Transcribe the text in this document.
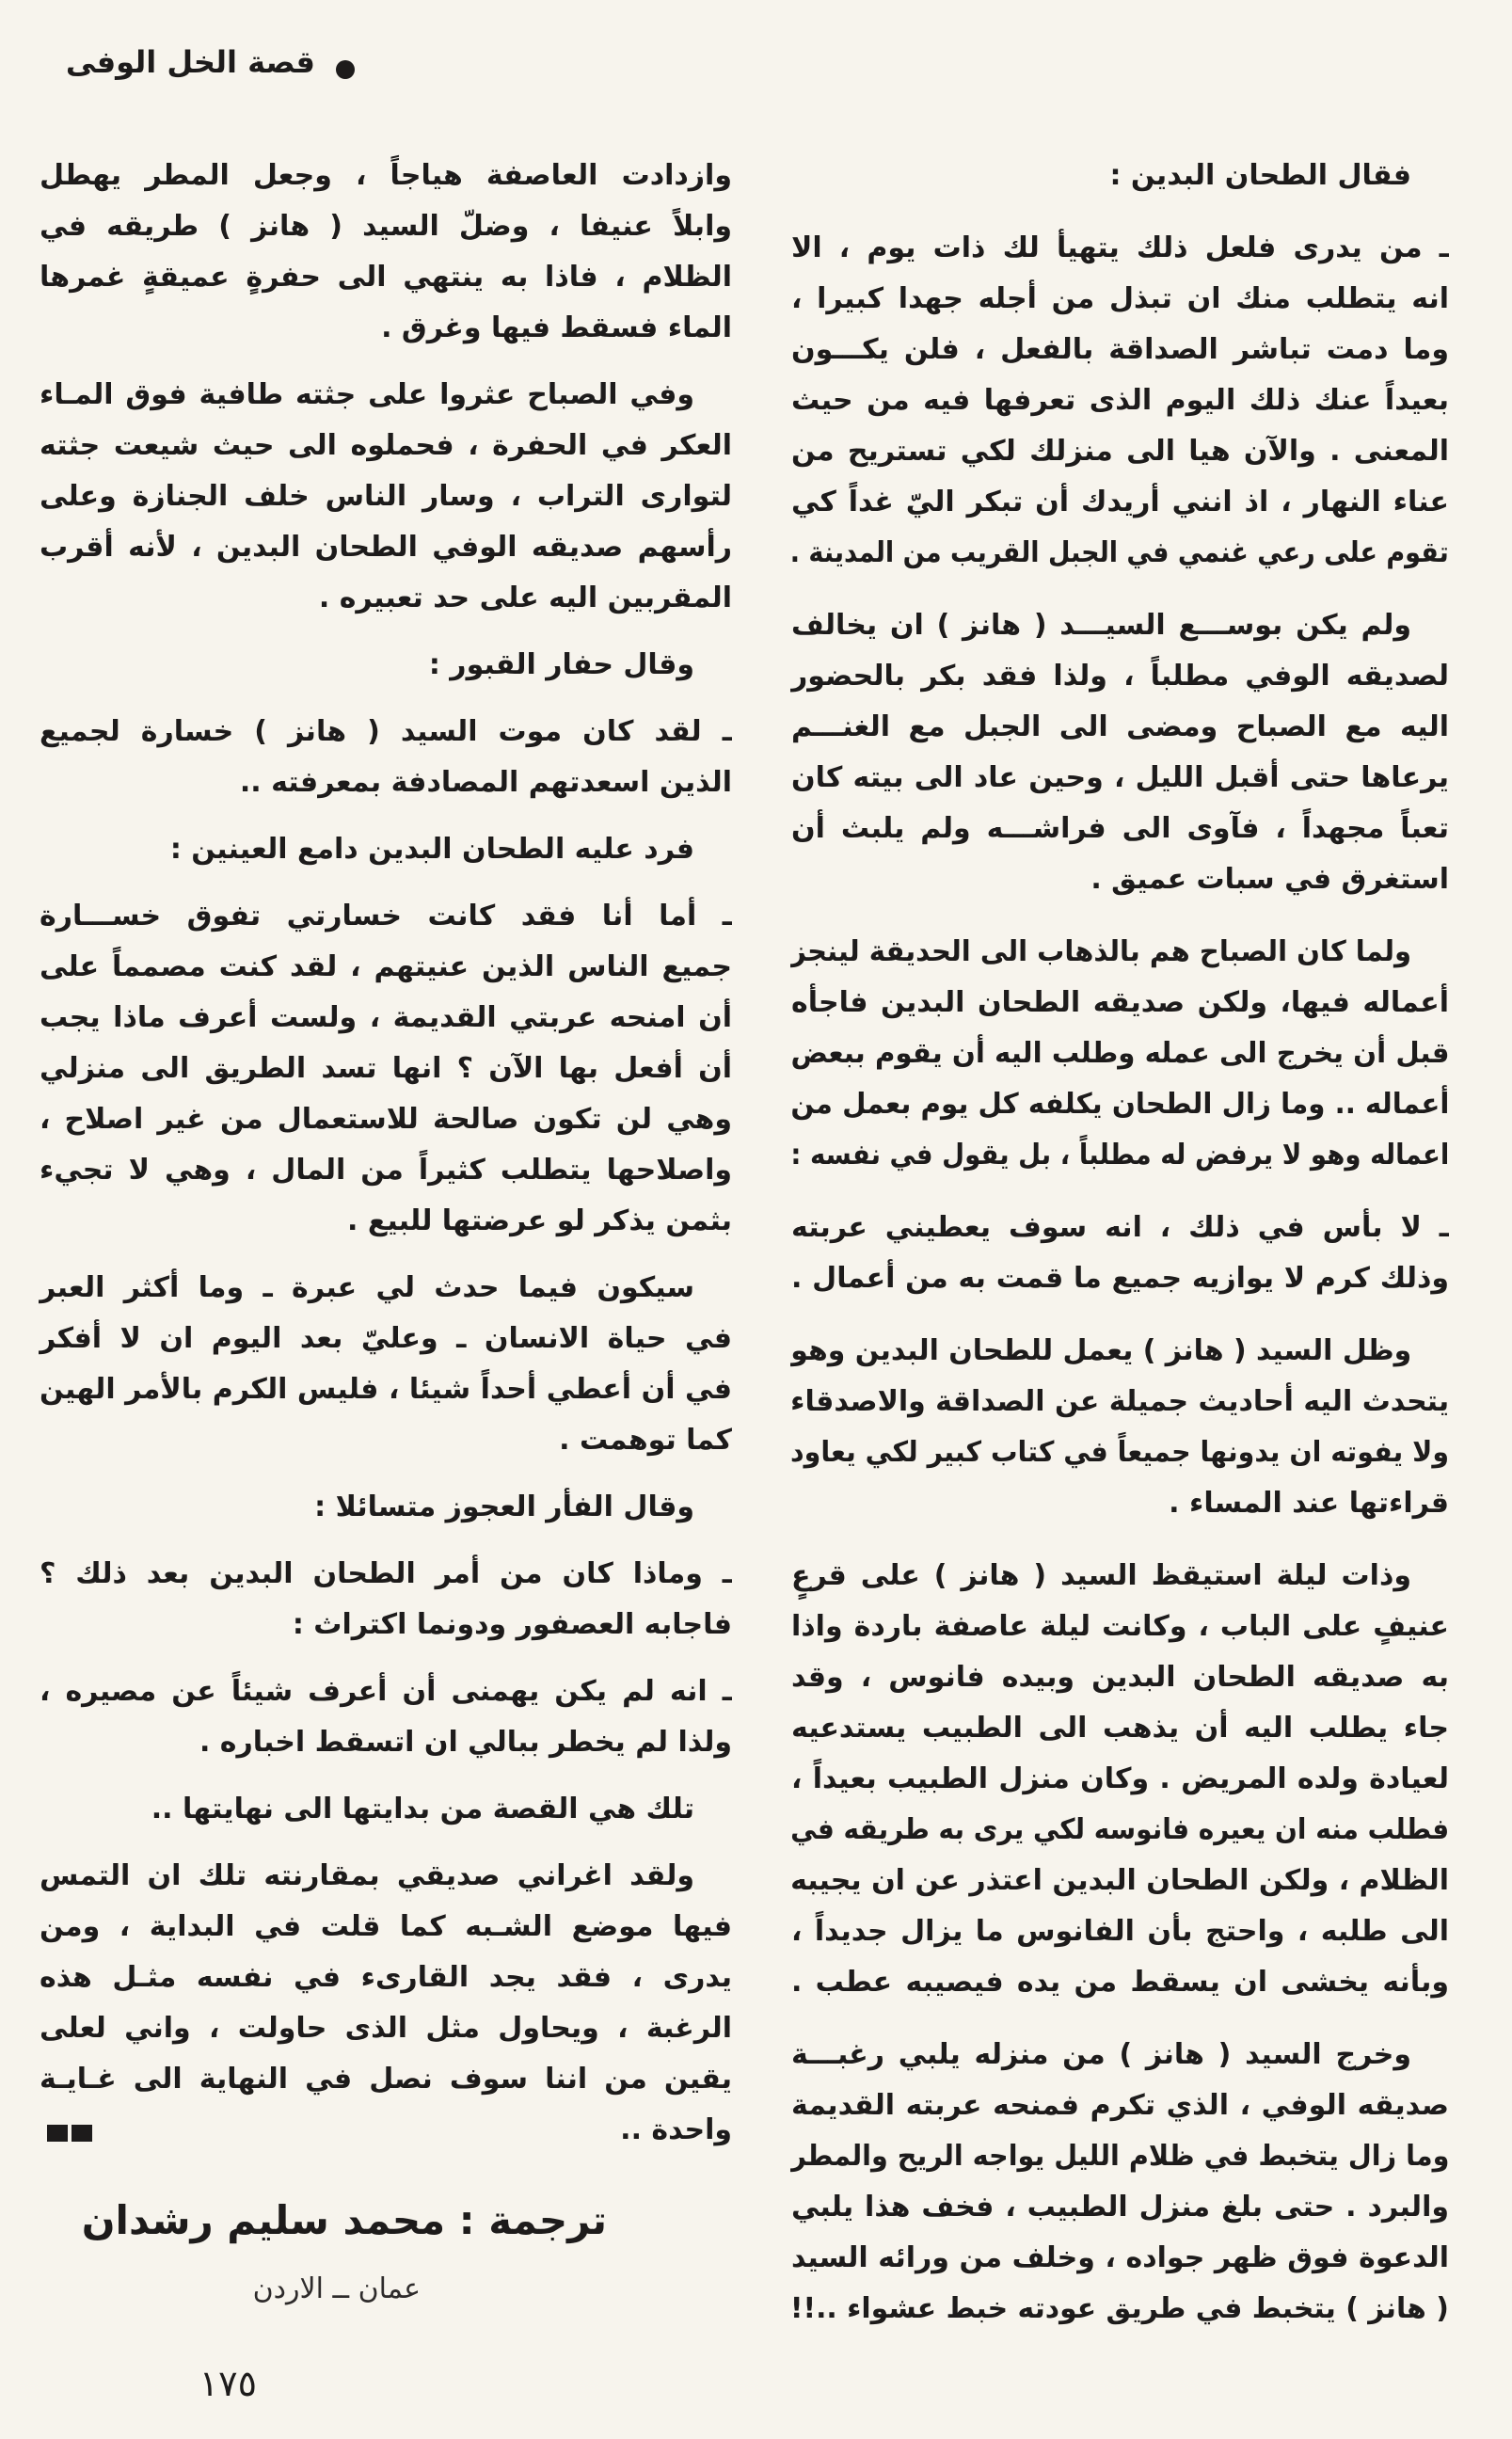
قصة الخل الوفى
فقال الطحان البدين :
ـ من يدرى فلعل ذلك يتهيأ لك ذات يوم ، الا
انه يتطلب منك ان تبذل من أجله جهدا كبيرا ،
وما دمت تباشر الصداقة بالفعل ، فلن يكـــون
بعيداً عنك ذلك اليوم الذى تعرفها فيه من حيث
المعنى . والآن هيا الى منزلك لكي تستريح من
عناء النهار ، اذ انني أريدك أن تبكر اليّ غداً كي
تقوم على رعي غنمي في الجبل القريب من المدينة .
ولم يكن بوســـع السيـــد ( هانز ) ان يخالف
لصديقه الوفي مطلباً ، ولذا فقد بكر بالحضور
اليه مع الصباح ومضى الى الجبل مع الغنـــم
يرعاها حتى أقبل الليل ، وحين عاد الى بيته كان
تعباً مجهداً ، فآوى الى فراشـــه ولم يلبث أن
استغرق في سبات عميق .
ولما كان الصباح هم بالذهاب الى الحديقة لينجز
أعماله فيها، ولكن صديقه الطحان البدين فاجأه
قبل أن يخرج الى عمله وطلب اليه أن يقوم ببعض
أعماله .. وما زال الطحان يكلفه كل يوم بعمل من
اعماله وهو لا يرفض له مطلباً ، بل يقول في نفسه :
ـ لا بأس في ذلك ، انه سوف يعطيني عربته
وذلك كرم لا يوازيه جميع ما قمت به من أعمال .
وظل السيد ( هانز ) يعمل للطحان البدين وهو
يتحدث اليه أحاديث جميلة عن الصداقة والاصدقاء
ولا يفوته ان يدونها جميعاً في كتاب كبير لكي يعاود
قراءتها عند المساء .
وذات ليلة استيقظ السيد ( هانز ) على قرعٍ
عنيفٍ على الباب ، وكانت ليلة عاصفة باردة واذا
به صديقه الطحان البدين وبيده فانوس ، وقد
جاء يطلب اليه أن يذهب الى الطبيب يستدعيه
لعيادة ولده المريض . وكان منزل الطبيب بعيداً ،
فطلب منه ان يعيره فانوسه لكي يرى به طريقه في
الظلام ، ولكن الطحان البدين اعتذر عن ان يجيبه
الى طلبه ، واحتج بأن الفانوس ما يزال جديداً ،
وبأنه يخشى ان يسقط من يده فيصيبه عطب .
وخرج السيد ( هانز ) من منزله يلبي رغبـــة
صديقه الوفي ، الذي تكرم فمنحه عربته القديمة
وما زال يتخبط في ظلام الليل يواجه الريح والمطر
والبرد . حتى بلغ منزل الطبيب ، فخف هذا يلبي
الدعوة فوق ظهر جواده ، وخلف من ورائه السيد
( هانز ) يتخبط في طريق عودته خبط عشواء ..!!
وازدادت العاصفة هياجاً ، وجعل المطر يهطل
وابلاً عنيفا ، وضلّ السيد ( هانز ) طريقه في
الظلام ، فاذا به ينتهي الى حفرةٍ عميقةٍ غمرها
الماء فسقط فيها وغرق .
وفي الصباح عثروا على جثته طافية فوق المـاء
العكر في الحفرة ، فحملوه الى حيث شيعت جثته
لتوارى التراب ، وسار الناس خلف الجنازة وعلى
رأسهم صديقه الوفي الطحان البدين ، لأنه أقرب
المقربين اليه على حد تعبيره .
وقال حفار القبور :
ـ لقد كان موت السيد ( هانز ) خسارة لجميع
الذين اسعدتهم المصادفة بمعرفته ..
فرد عليه الطحان البدين دامع العينين :
ـ أما أنا فقد كانت خسارتي تفوق خســـارة
جميع الناس الذين عنيتهم ، لقد كنت مصمماً على
أن امنحه عربتي القديمة ، ولست أعرف ماذا يجب
أن أفعل بها الآن ؟ انها تسد الطريق الى منزلي
وهي لن تكون صالحة للاستعمال من غير اصلاح ،
واصلاحها يتطلب كثيراً من المال ، وهي لا تجيء
بثمن يذكر لو عرضتها للبيع .
سيكون فيما حدث لي عبرة ـ وما أكثر العبر
في حياة الانسان ـ وعليّ بعد اليوم ان لا أفكر
في أن أعطي أحداً شيئا ، فليس الكرم بالأمر الهين
كما توهمت .
وقال الفأر العجوز متسائلا :
ـ وماذا كان من أمر الطحان البدين بعد ذلك ؟
فاجابه العصفور ودونما اكتراث :
ـ انه لم يكن يهمنى أن أعرف شيئاً عن مصيره ،
ولذا لم يخطر ببالي ان اتسقط اخباره .
تلك هي القصة من بدايتها الى نهايتها ..
ولقد اغراني صديقي بمقارنته تلك ان التمس
فيها موضع الشـبه كما قلت في البداية ، ومن
يدرى ، فقد يجد القارىء في نفسه مثـل هذه
الرغبة ، ويحاول مثل الذى حاولت ، واني لعلى
يقين من اننا سوف نصل في النهاية الى غـايـة
واحدة ..
ترجمة : محمد سليم رشدان
عمان ــ الاردن
١٧٥
